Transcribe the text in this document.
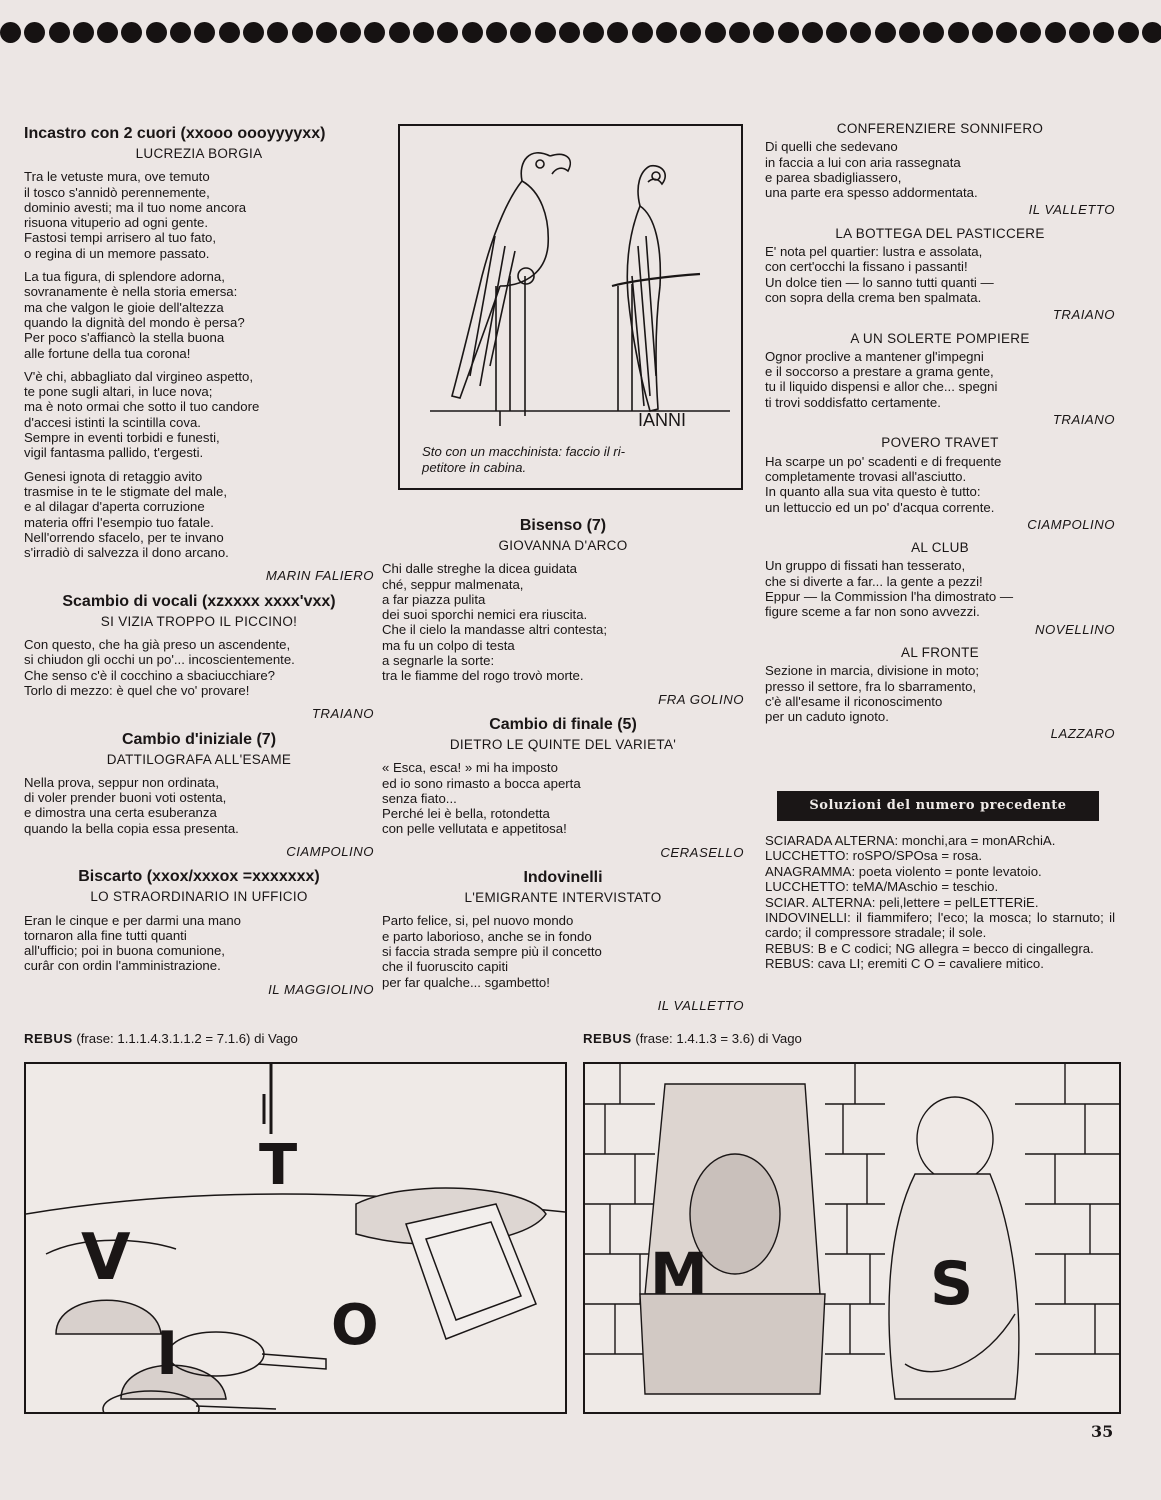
Incastro con 2 cuori (xxooo oooyyyyxx)
LUCREZIA BORGIA
Tra le vetuste mura, ove temuto
il tosco s'annidò perennemente,
dominio avesti; ma il tuo nome ancora
risuona vituperio ad ogni gente.
Fastosi tempi arrisero al tuo fato,
o regina di un memore passato.
La tua figura, di splendore adorna,
sovranamente è nella storia emersa:
ma che valgon le gioie dell'altezza
quando la dignità del mondo è persa?
Per poco s'affiancò la stella buona
alle fortune della tua corona!
V'è chi, abbagliato dal virgineo aspetto,
te pone sugli altari, in luce nova;
ma è noto ormai che sotto il tuo candore
d'accesi istinti la scintilla cova.
Sempre in eventi torbidi e funesti,
vigil fantasma pallido, t'ergesti.
Genesi ignota di retaggio avito
trasmise in te le stigmate del male,
e al dilagar d'aperta corruzione
materia offri l'esempio tuo fatale.
Nell'orrendo sfacelo, per te invano
s'irradiò di salvezza il dono arcano.
MARIN FALIERO
Scambio di vocali (xzxxxx xxxx'vxx)
SI VIZIA TROPPO IL PICCINO!
Con questo, che ha già preso un ascendente,
si chiudon gli occhi un po'... incoscientemente.
Che senso c'è il cocchino a sbaciucchiare?
Torlo di mezzo: è quel che vo' provare!
TRAIANO
Cambio d'iniziale (7)
DATTILOGRAFA ALL'ESAME
Nella prova, seppur non ordinata,
di voler prender buoni voti ostenta,
e dimostra una certa esuberanza
quando la bella copia essa presenta.
CIAMPOLINO
Biscarto (xxox/xxxox =xxxxxxx)
LO STRAORDINARIO IN UFFICIO
Eran le cinque e per darmi una mano
tornaron alla fine tutti quanti
all'ufficio; poi in buona comunione,
curâr con ordin l'amministrazione.
IL MAGGIOLINO
IANNI
Sto con un macchinista: faccio il ri-
petitore in cabina.
Bisenso (7)
GIOVANNA D'ARCO
Chi dalle streghe la dicea guidata
ché, seppur malmenata,
a far piazza pulita
dei suoi sporchi nemici era riuscita.
Che il cielo la mandasse altri contesta;
ma fu un colpo di testa
a segnarle la sorte:
tra le fiamme del rogo trovò morte.
FRA GOLINO
Cambio di finale (5)
DIETRO LE QUINTE DEL VARIETA'
« Esca, esca! » mi ha imposto
ed io sono rimasto a bocca aperta
senza fiato...
Perché lei è bella, rotondetta
con pelle vellutata e appetitosa!
CERASELLO
Indovinelli
L'EMIGRANTE INTERVISTATO
Parto felice, si, pel nuovo mondo
e parto laborioso, anche se in fondo
si faccia strada sempre più il concetto
che il fuoruscito capiti
per far qualche... sgambetto!
IL VALLETTO
CONFERENZIERE SONNIFERO
Di quelli che sedevano
in faccia a lui con aria rassegnata
e parea sbadigliassero,
una parte era spesso addormentata.
IL VALLETTO
LA BOTTEGA DEL PASTICCERE
E' nota pel quartier: lustra e assolata,
con cert'occhi la fissano i passanti!
Un dolce tien — lo sanno tutti quanti —
con sopra della crema ben spalmata.
TRAIANO
A UN SOLERTE POMPIERE
Ognor proclive a mantener gl'impegni
e il soccorso a prestare a grama gente,
tu il liquido dispensi e allor che... spegni
ti trovi soddisfatto certamente.
TRAIANO
POVERO TRAVET
Ha scarpe un po' scadenti e di frequente
completamente trovasi all'asciutto.
In quanto alla sua vita questo è tutto:
un lettuccio ed un po' d'acqua corrente.
CIAMPOLINO
AL CLUB
Un gruppo di fissati han tesserato,
che si diverte a far... la gente a pezzi!
Eppur — la Commission l'ha dimostrato —
figure sceme a far non sono avvezzi.
NOVELLINO
AL FRONTE
Sezione in marcia, divisione in moto;
presso il settore, fra lo sbarramento,
c'è all'esame il riconoscimento
per un caduto ignoto.
LAZZARO
Soluzioni del numero precedente
SCIARADA ALTERNA: monchi,ara = monARchiA.
LUCCHETTO: roSPO/SPOsa = rosa.
ANAGRAMMA: poeta violento = ponte levatoio.
LUCCHETTO: teMA/MAschio = teschio.
SCIAR. ALTERNA: peli,lettere = pelLETTERiE.
INDOVINELLI: il fiammifero; l'eco; la mosca; lo starnuto; il cardo; il compressore stradale; il sole.
REBUS: B e C codici; NG allegra = becco di cingallegra.
REBUS: cava LI; eremiti C O = cavaliere mitico.
REBUS (frase: 1.1.1.4.3.1.1.2 = 7.1.6) di Vago	REBUS (frase: 1.4.1.3 = 3.6) di Vago
V
I
T
O
M	S
35
